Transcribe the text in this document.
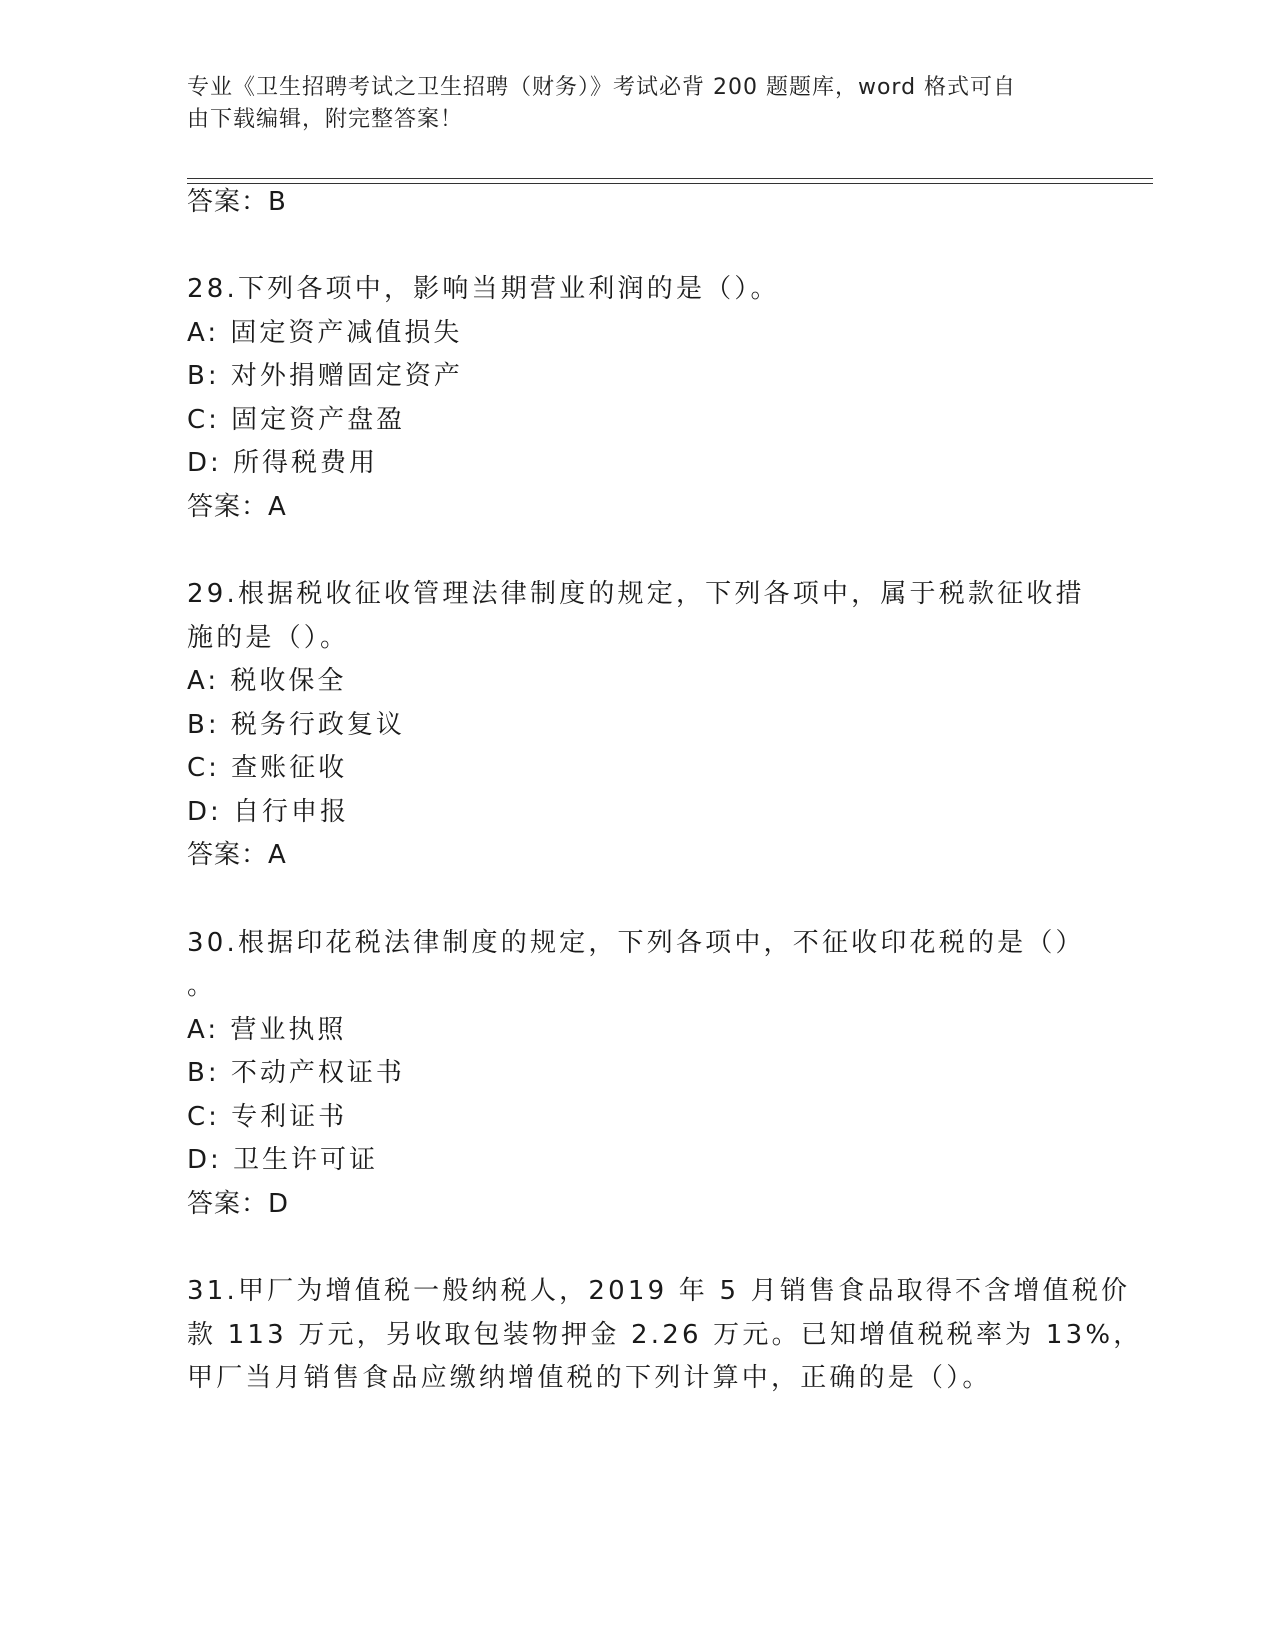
专业《卫生招聘考试之卫生招聘（财务）》考试必背 200 题题库，word 格式可自
由下载编辑，附完整答案！
答案：B
28.下列各项中，影响当期营业利润的是（）。
A: 固定资产减值损失
B: 对外捐赠固定资产
C: 固定资产盘盈
D: 所得税费用
答案：A
29.根据税收征收管理法律制度的规定，下列各项中，属于税款征收措
施的是（）。
A: 税收保全
B: 税务行政复议
C: 查账征收
D: 自行申报
答案：A
30.根据印花税法律制度的规定，下列各项中，不征收印花税的是（）
。
A: 营业执照
B: 不动产权证书
C: 专利证书
D: 卫生许可证
答案：D
31.甲厂为增值税一般纳税人，2019 年 5 月销售食品取得不含增值税价
款 113 万元，另收取包装物押金 2.26 万元。已知增值税税率为 13%，
甲厂当月销售食品应缴纳增值税的下列计算中，正确的是（）。
